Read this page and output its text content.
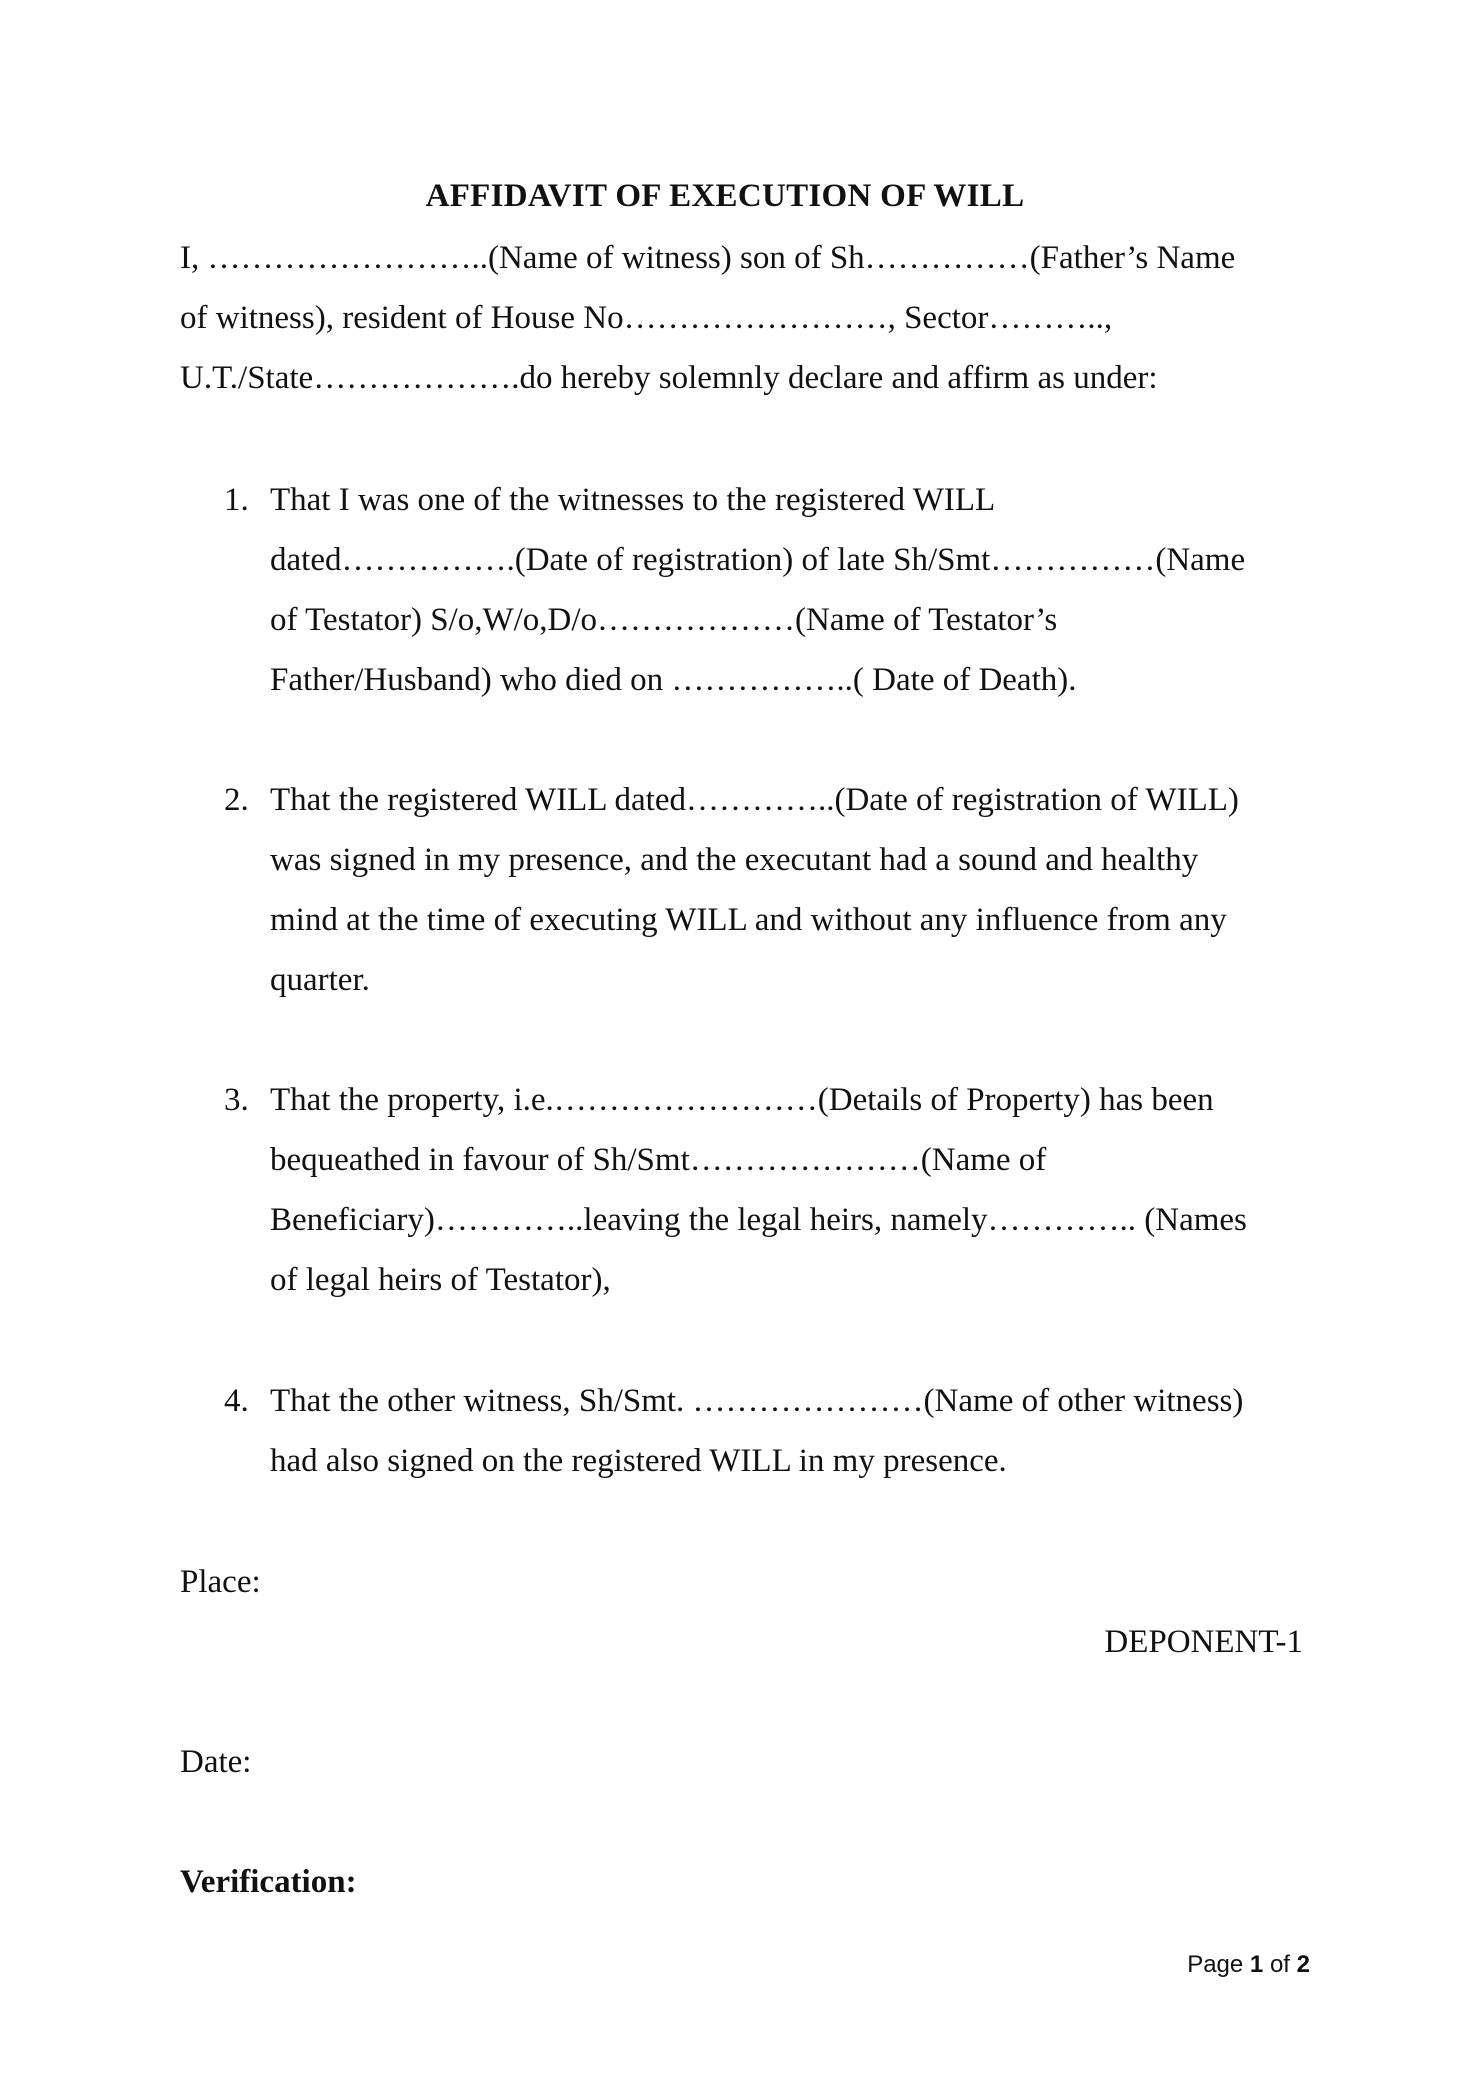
AFFIDAVIT OF EXECUTION OF WILL
I, ……………………..(Name of witness) son of Sh……………(Father’s Name
of witness), resident of House No……………………, Sector………..,
U.T./State……………….do hereby solemnly declare and affirm as under:
1. That I was one of the witnesses to the registered WILL
dated…………….(Date of registration) of late Sh/Smt……………(Name
of Testator) S/o,W/o,D/o………………(Name of Testator’s
Father/Husband) who died on ……………..( Date of Death).
2. That the registered WILL dated…………..(Date of registration of WILL)
was signed in my presence, and the executant had a sound and healthy
mind at the time of executing WILL and without any influence from any
quarter.
3. That the property, i.e.……………………(Details of Property) has been
bequeathed in favour of Sh/Smt…………………(Name of
Beneficiary)…………..leaving the legal heirs, namely………….. (Names
of legal heirs of Testator),
4. That the other witness, Sh/Smt. …………………(Name of other witness)
had also signed on the registered WILL in my presence.
Place:
DEPONENT-1
Date:
Verification:
Page 1 of 2
